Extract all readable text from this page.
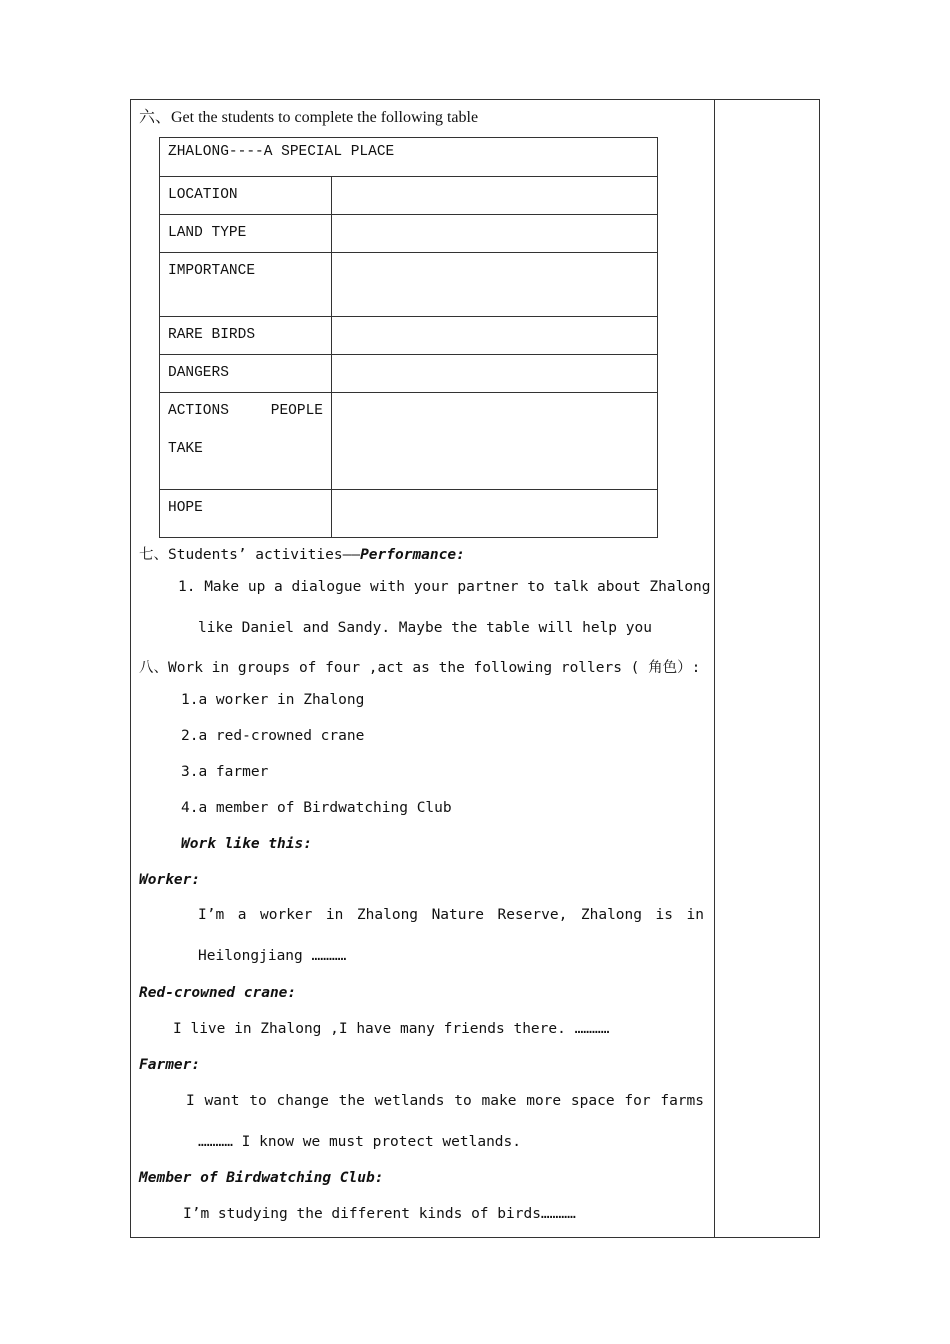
六、Get the students to complete the following table
ZHALONG----A SPECIAL PLACE	
LOCATION	
LAND TYPE	
IMPORTANCE	
RARE BIRDS	
DANGERS	

ACTIONS PEOPLE
TAKE	

HOPE	
七、Students’ activities——Performance:
1. Make up a dialogue with your partner to talk about Zhalong
like Daniel and Sandy. Maybe the table will help you
八、Work in groups of four ,act as the following rollers ( 角色）:
1.a worker in Zhalong
2.a red-crowned crane
3.a farmer
4.a member of Birdwatching Club
Work like this:
Worker:
I’m a worker in Zhalong Nature Reserve, Zhalong is in
Heilongjiang …………
Red-crowned crane:
I live in Zhalong ,I have many friends there. …………
Farmer:
I want to change the wetlands to make more space for farms
………… I know we must protect wetlands.
Member of Birdwatching Club:
I’m studying the different kinds of birds…………
